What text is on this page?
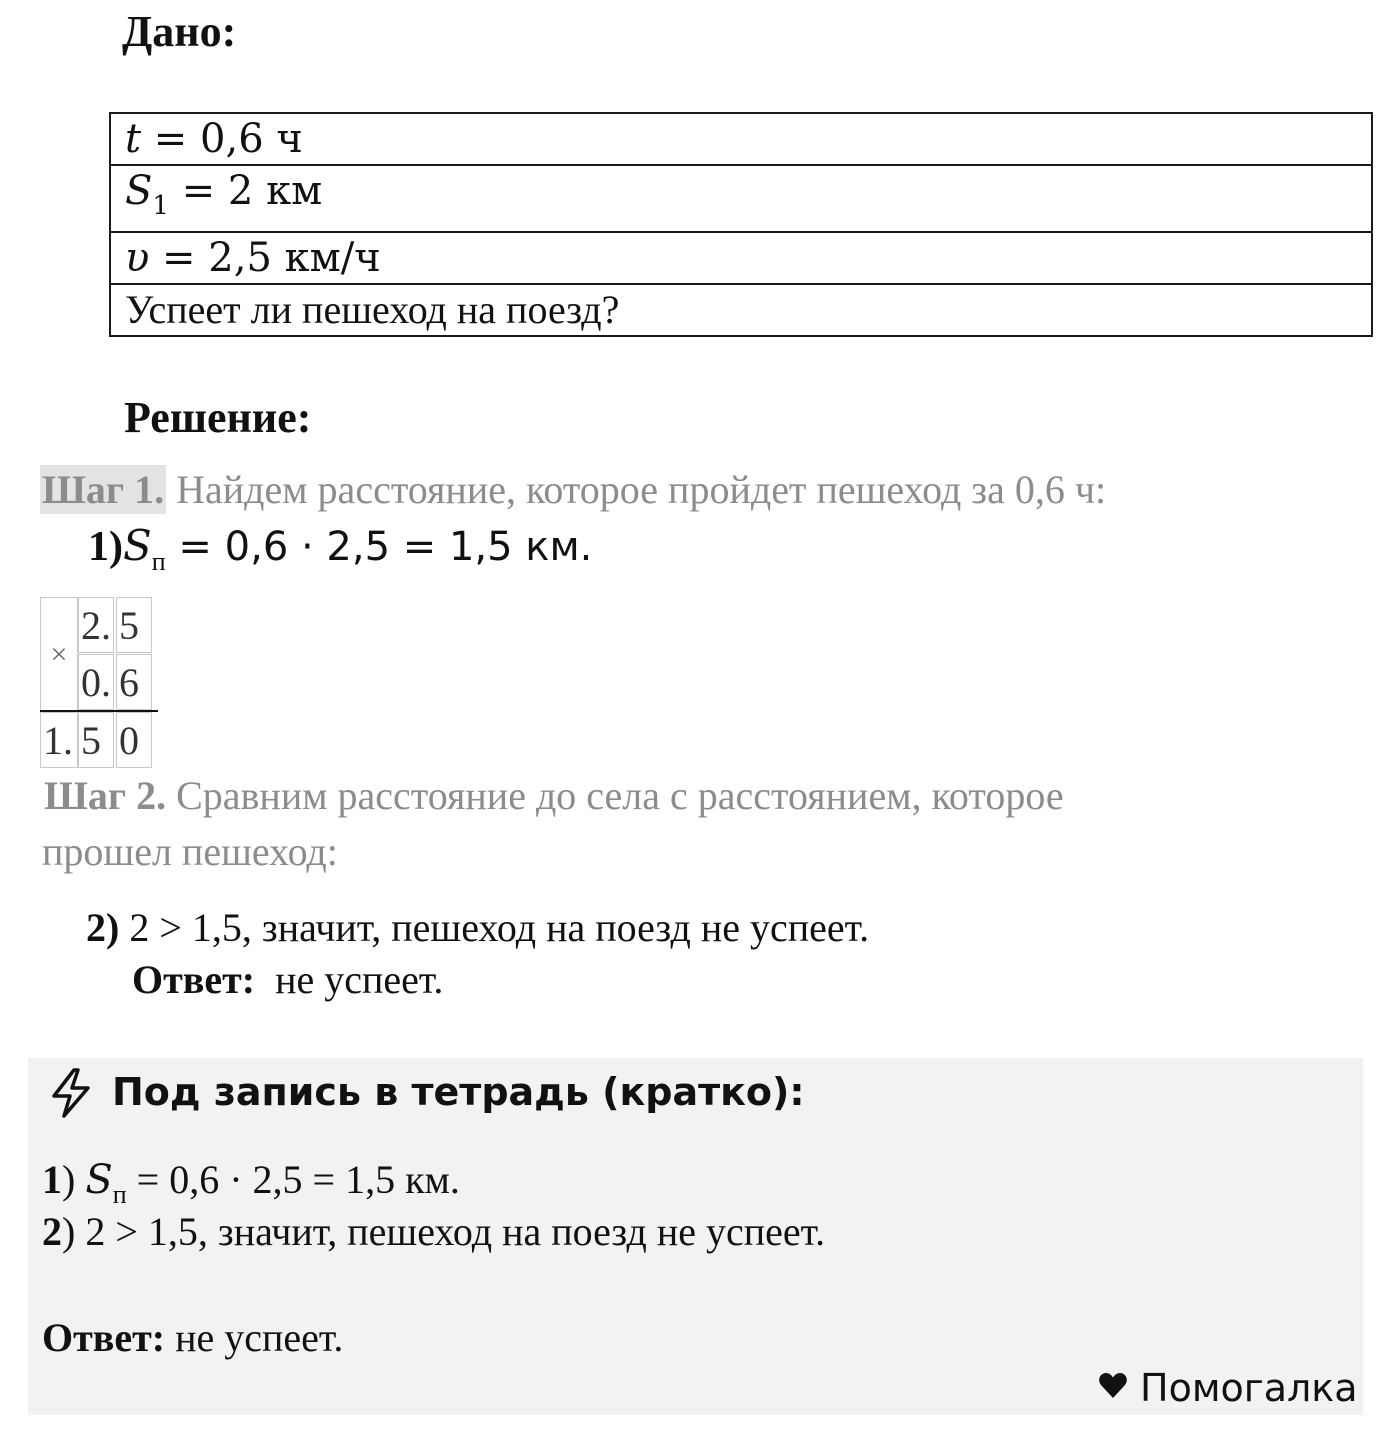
Дано:
t = 0,6 ч
$S_1 = 2$ км
υ = 2,5 км/ч
Успеет ли пешеход на поезд?
Решение:
Шаг 1. Найдем расстояние, которое пройдет пешеход за 0,6 ч:
1)Sп = 0,6 · 2,5 = 1,5 км.
×
2. 5
0. 6
1. 5 0
Шаг 2. Сравним расстояние до села с расстоянием, которое
прошел пешеход:
2) 2 > 1,5, значит, пешеход на поезд не успеет.
Ответ: не успеет.
Под запись в тетрадь (кратко):
1) $S_п = 0,6 \cdot 2,5 = 1,5$ км.
2) 2 > 1,5, значит, пешеход на поезд не успеет.
Ответ: не успеет.
Помогалка
